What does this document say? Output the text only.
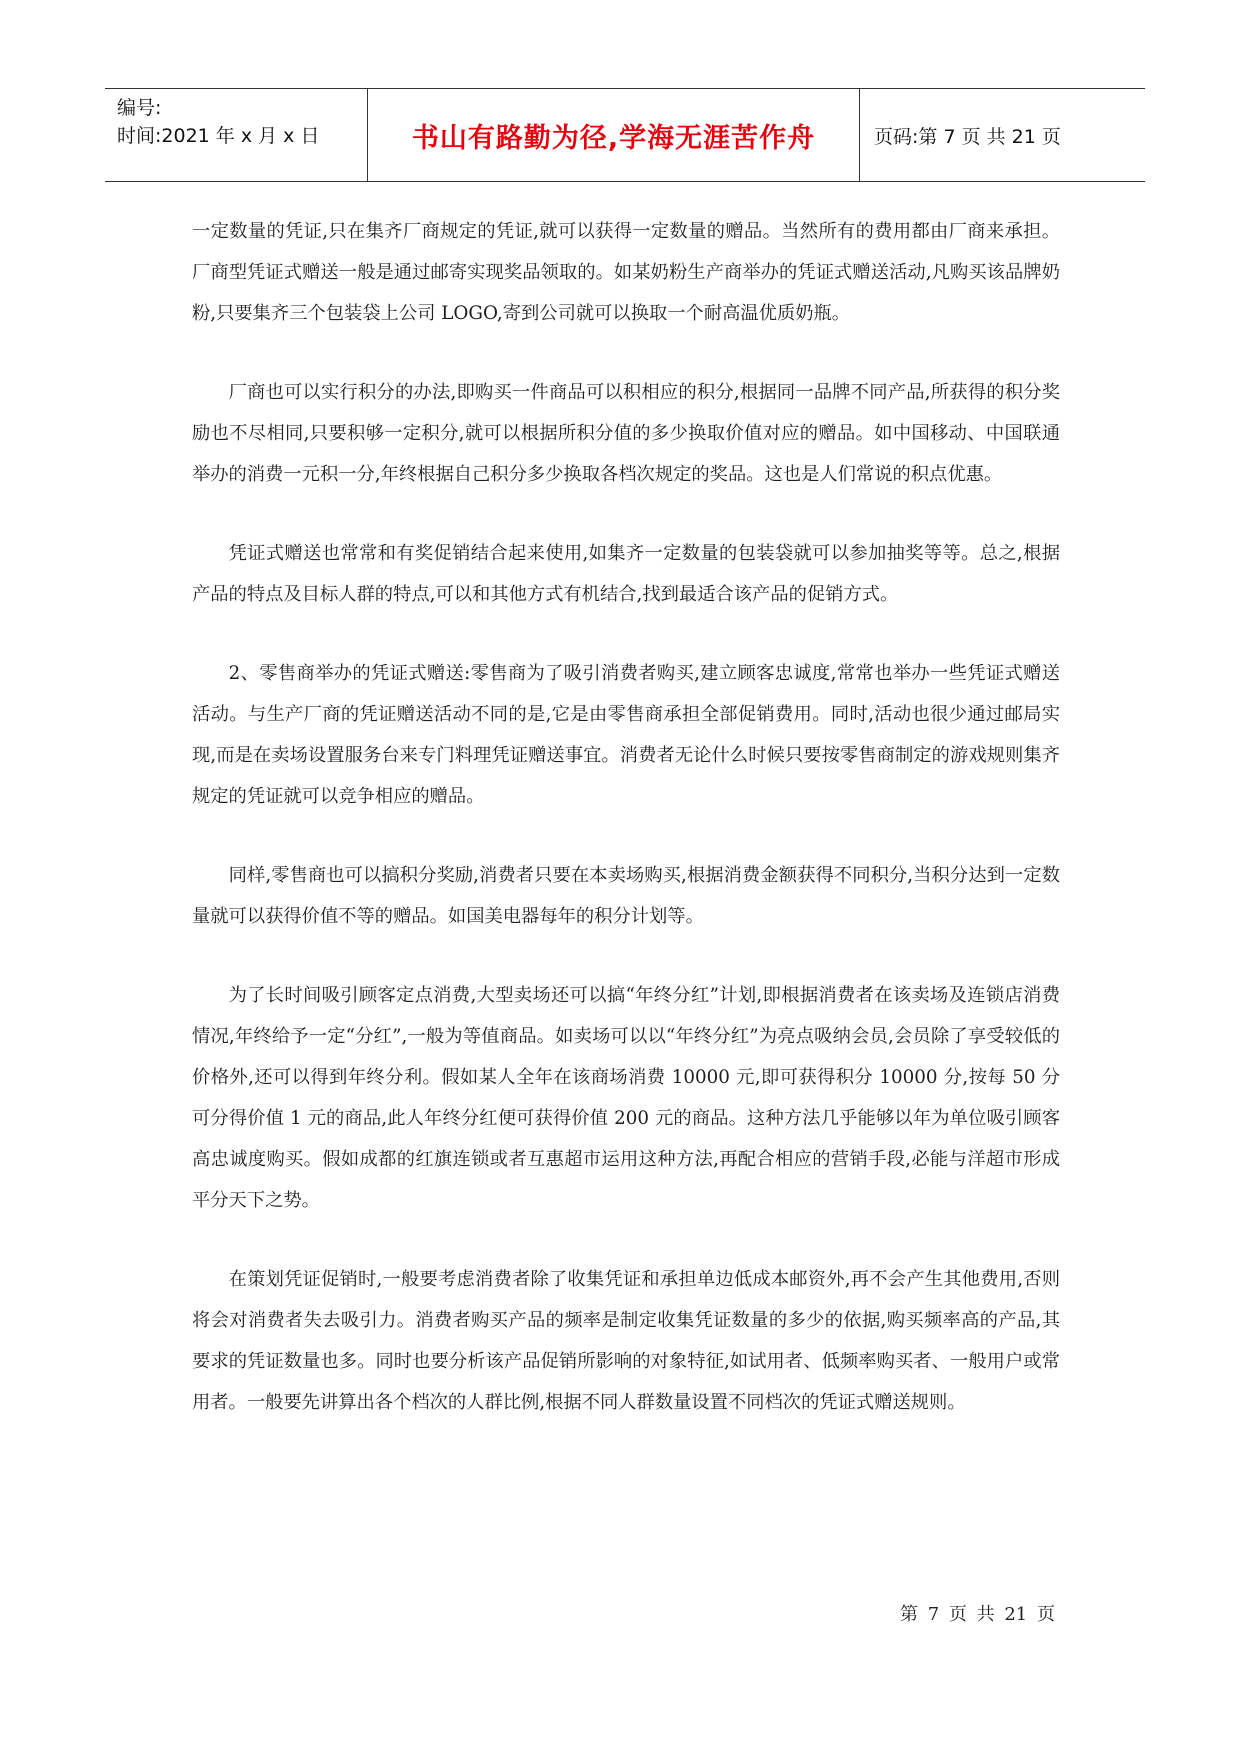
编号:
时间:2021 年 x 月 x 日	书山有路勤为径,学海无涯苦作舟	页码:第 7 页 共 21 页

一定数量的凭证,只在集齐厂商规定的凭证,就可以获得一定数量的赠品。当然所有的费用都由厂商来承担。厂商型凭证式赠送一般是通过邮寄实现奖品领取的。如某奶粉生产商举办的凭证式赠送活动,凡购买该品牌奶粉,只要集齐三个包装袋上公司 LOGO,寄到公司就可以换取一个耐高温优质奶瓶。

厂商也可以实行积分的办法,即购买一件商品可以积相应的积分,根据同一品牌不同产品,所获得的积分奖励也不尽相同,只要积够一定积分,就可以根据所积分值的多少换取价值对应的赠品。如中国移动、中国联通举办的消费一元积一分,年终根据自己积分多少换取各档次规定的奖品。这也是人们常说的积点优惠。

凭证式赠送也常常和有奖促销结合起来使用,如集齐一定数量的包装袋就可以参加抽奖等等。总之,根据产品的特点及目标人群的特点,可以和其他方式有机结合,找到最适合该产品的促销方式。

2、零售商举办的凭证式赠送:零售商为了吸引消费者购买,建立顾客忠诚度,常常也举办一些凭证式赠送活动。与生产厂商的凭证赠送活动不同的是,它是由零售商承担全部促销费用。同时,活动也很少通过邮局实现,而是在卖场设置服务台来专门料理凭证赠送事宜。消费者无论什么时候只要按零售商制定的游戏规则集齐规定的凭证就可以竞争相应的赠品。

同样,零售商也可以搞积分奖励,消费者只要在本卖场购买,根据消费金额获得不同积分,当积分达到一定数量就可以获得价值不等的赠品。如国美电器每年的积分计划等。

为了长时间吸引顾客定点消费,大型卖场还可以搞“年终分红”计划,即根据消费者在该卖场及连锁店消费情况,年终给予一定“分红”,一般为等值商品。如卖场可以以“年终分红”为亮点吸纳会员,会员除了享受较低的价格外,还可以得到年终分利。假如某人全年在该商场消费 10000 元,即可获得积分 10000 分,按每 50 分可分得价值 1 元的商品,此人年终分红便可获得价值 200 元的商品。这种方法几乎能够以年为单位吸引顾客高忠诚度购买。假如成都的红旗连锁或者互惠超市运用这种方法,再配合相应的营销手段,必能与洋超市形成平分天下之势。

在策划凭证促销时,一般要考虑消费者除了收集凭证和承担单边低成本邮资外,再不会产生其他费用,否则将会对消费者失去吸引力。消费者购买产品的频率是制定收集凭证数量的多少的依据,购买频率高的产品,其要求的凭证数量也多。同时也要分析该产品促销所影响的对象特征,如试用者、低频率购买者、一般用户或常用者。一般要先讲算出各个档次的人群比例,根据不同人群数量设置不同档次的凭证式赠送规则。

第 7 页 共 21 页
